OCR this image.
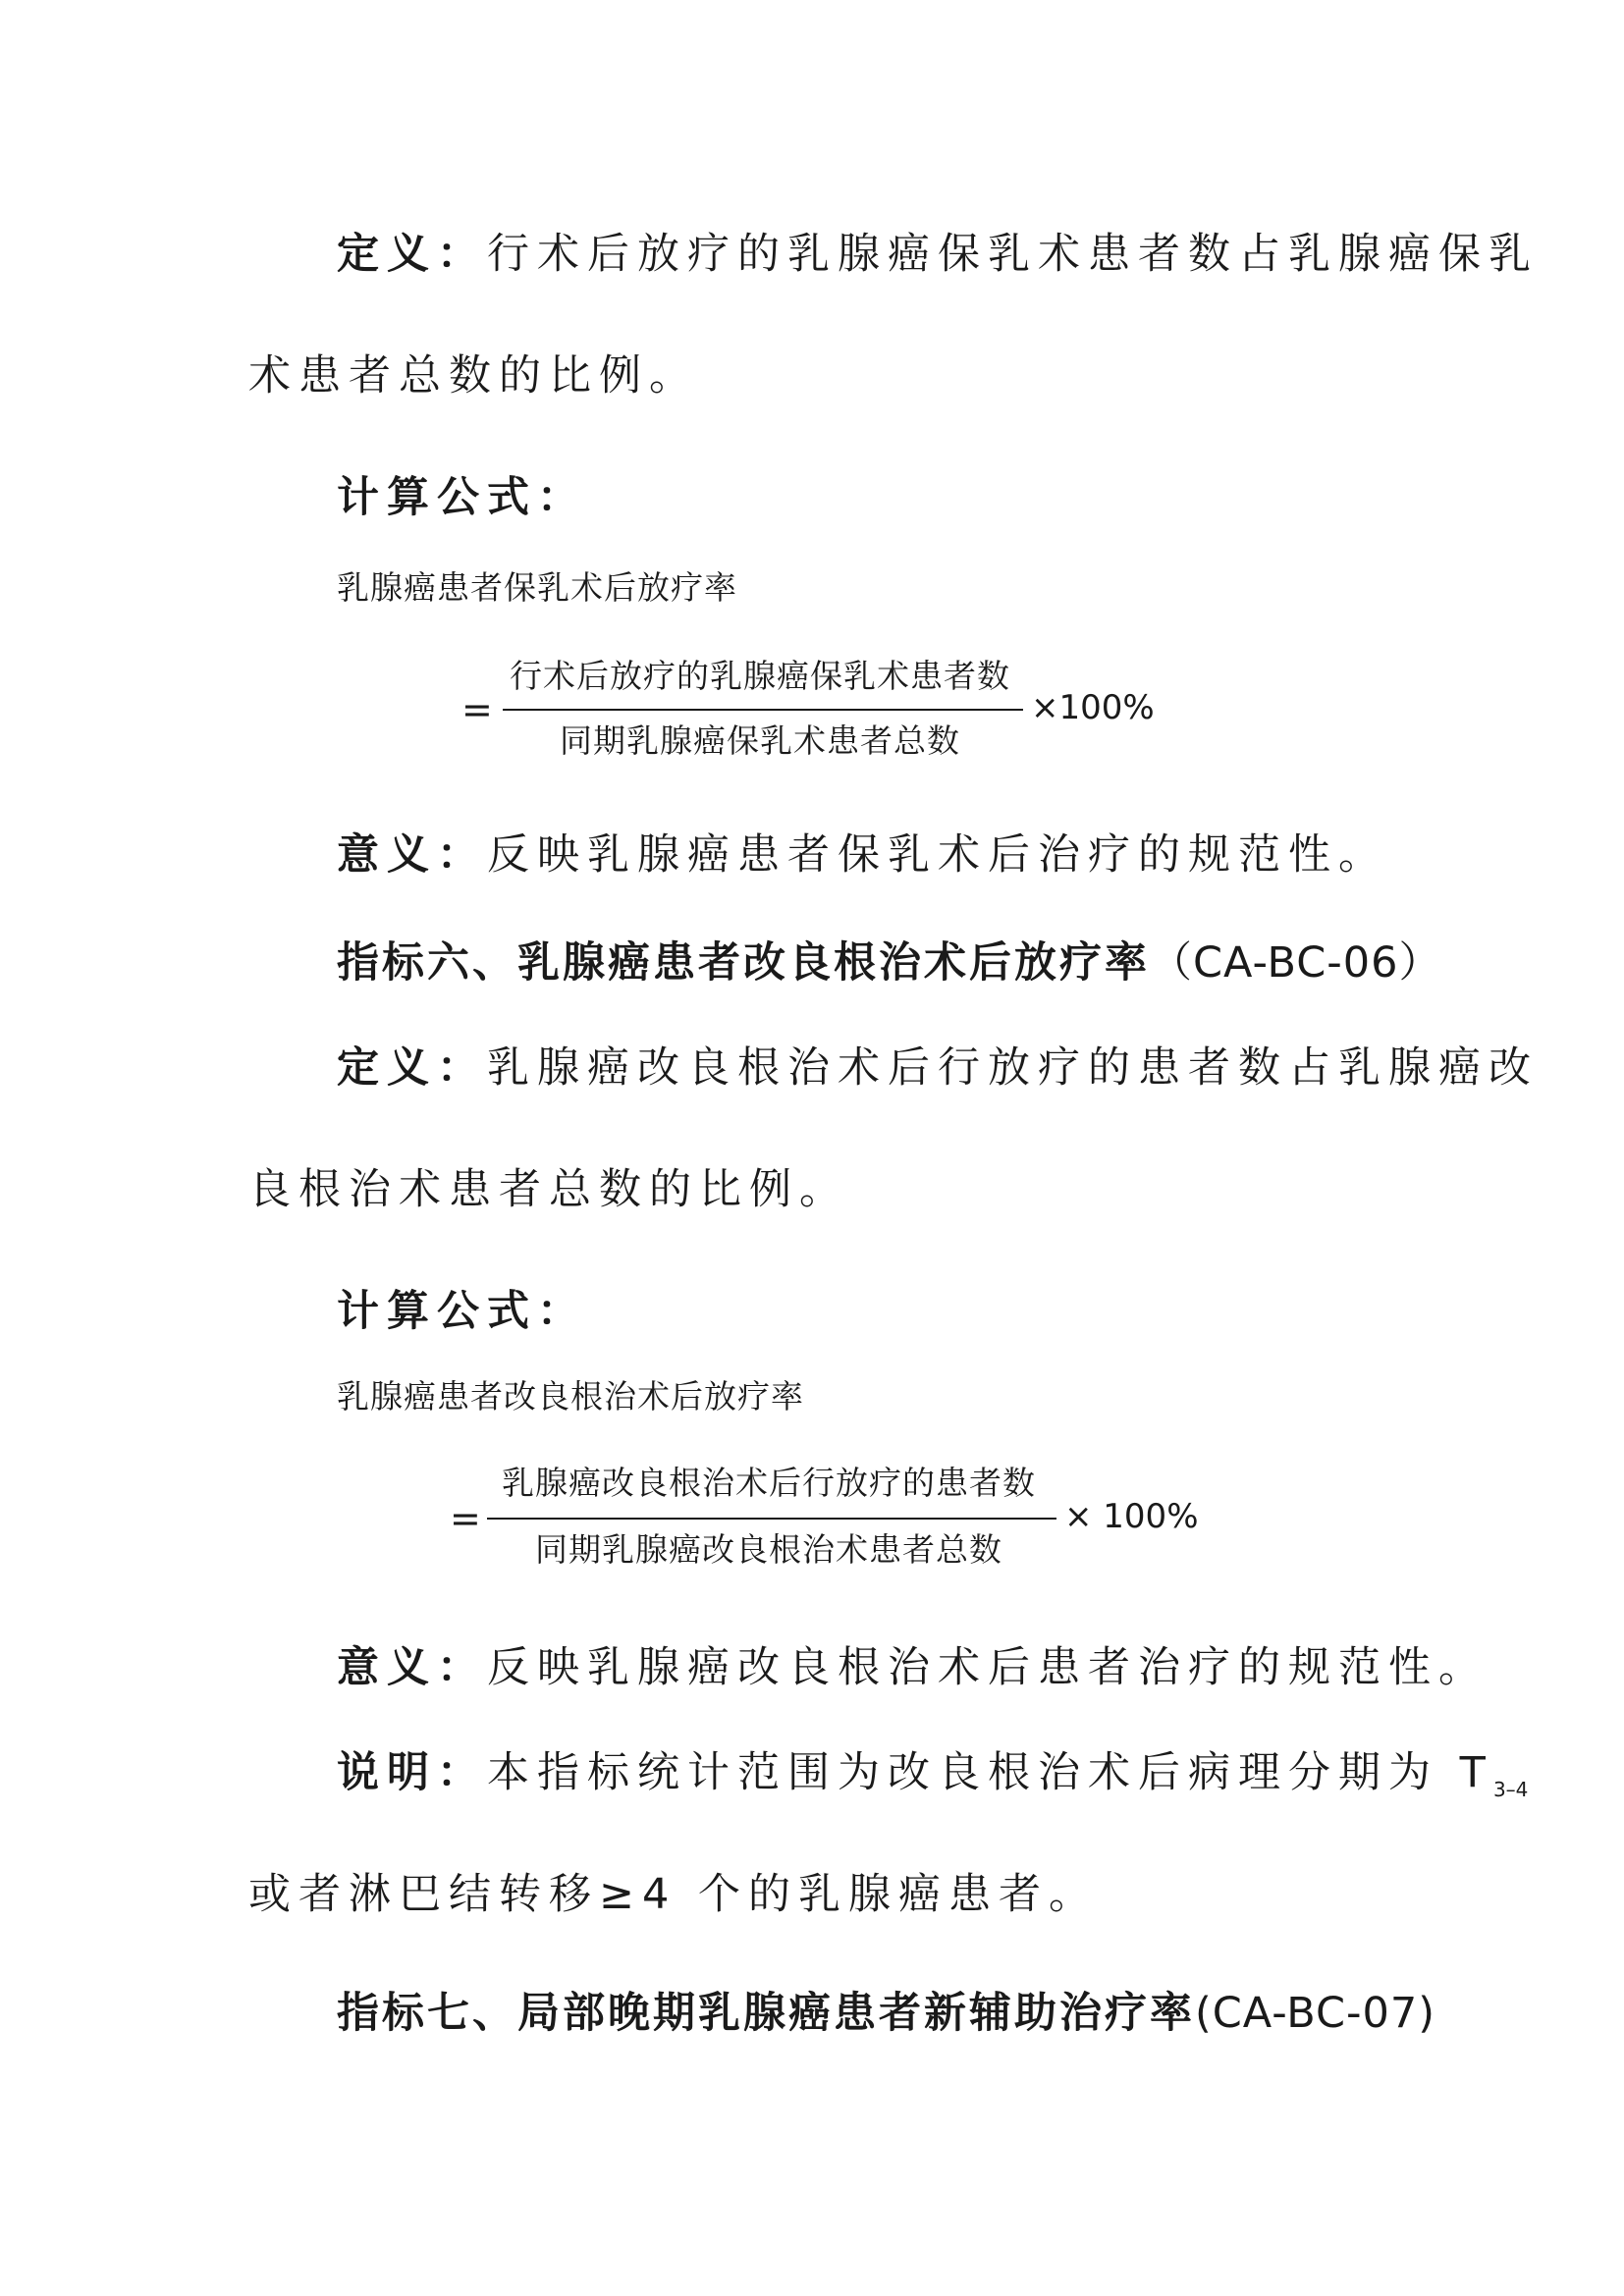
定义：行术后放疗的乳腺癌保乳术患者数占乳腺癌保乳
术患者总数的比例。
计算公式：
乳腺癌患者保乳术后放疗率
=
行术后放疗的乳腺癌保乳术患者数
同期乳腺癌保乳术患者总数
×100%
意义：反映乳腺癌患者保乳术后治疗的规范性。
指标六、乳腺癌患者改良根治术后放疗率（CA-BC-06）
定义：乳腺癌改良根治术后行放疗的患者数占乳腺癌改
良根治术患者总数的比例。
计算公式：
乳腺癌患者改良根治术后放疗率
=
乳腺癌改良根治术后行放疗的患者数
同期乳腺癌改良根治术患者总数
× 100%
意义：反映乳腺癌改良根治术后患者治疗的规范性。
说明：本指标统计范围为改良根治术后病理分期为 $T_{3-4}$
或者淋巴结转移≥4 个的乳腺癌患者。
指标七、局部晚期乳腺癌患者新辅助治疗率(CA-BC-07)
